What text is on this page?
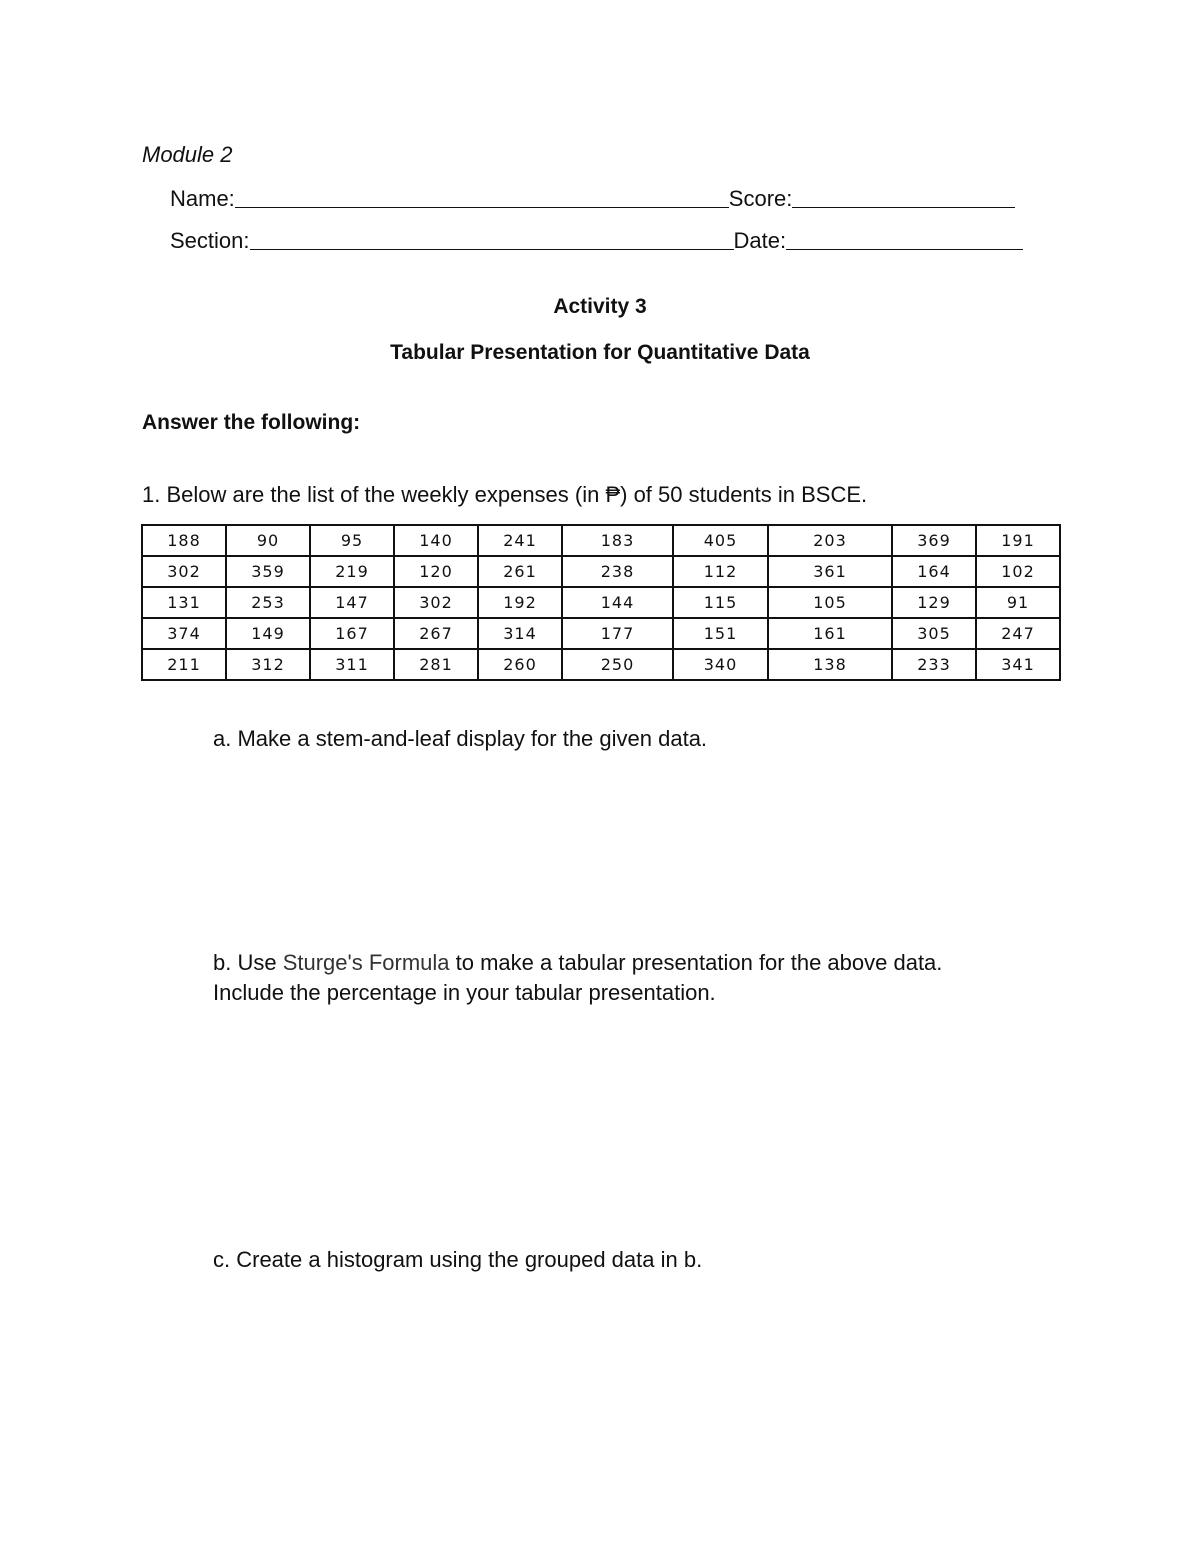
Module 2

Name:	Score:
Section:	Date:

Activity 3

Tabular Presentation for Quantitative Data

Answer the following:

1. Below are the list of the weekly expenses (in ₱) of 50 students in BSCE.

188	90	95	140	241	183	405	203	369	191
302	359	219	120	261	238	112	361	164	102
131	253	147	302	192	144	115	105	129	91
374	149	167	267	314	177	151	161	305	247
211	312	311	281	260	250	340	138	233	341

a. Make a stem-and-leaf display for the given data.

b. Use Sturge's Formula to make a tabular presentation for the above data.

Include the percentage in your tabular presentation.

c. Create a histogram using the grouped data in b.
